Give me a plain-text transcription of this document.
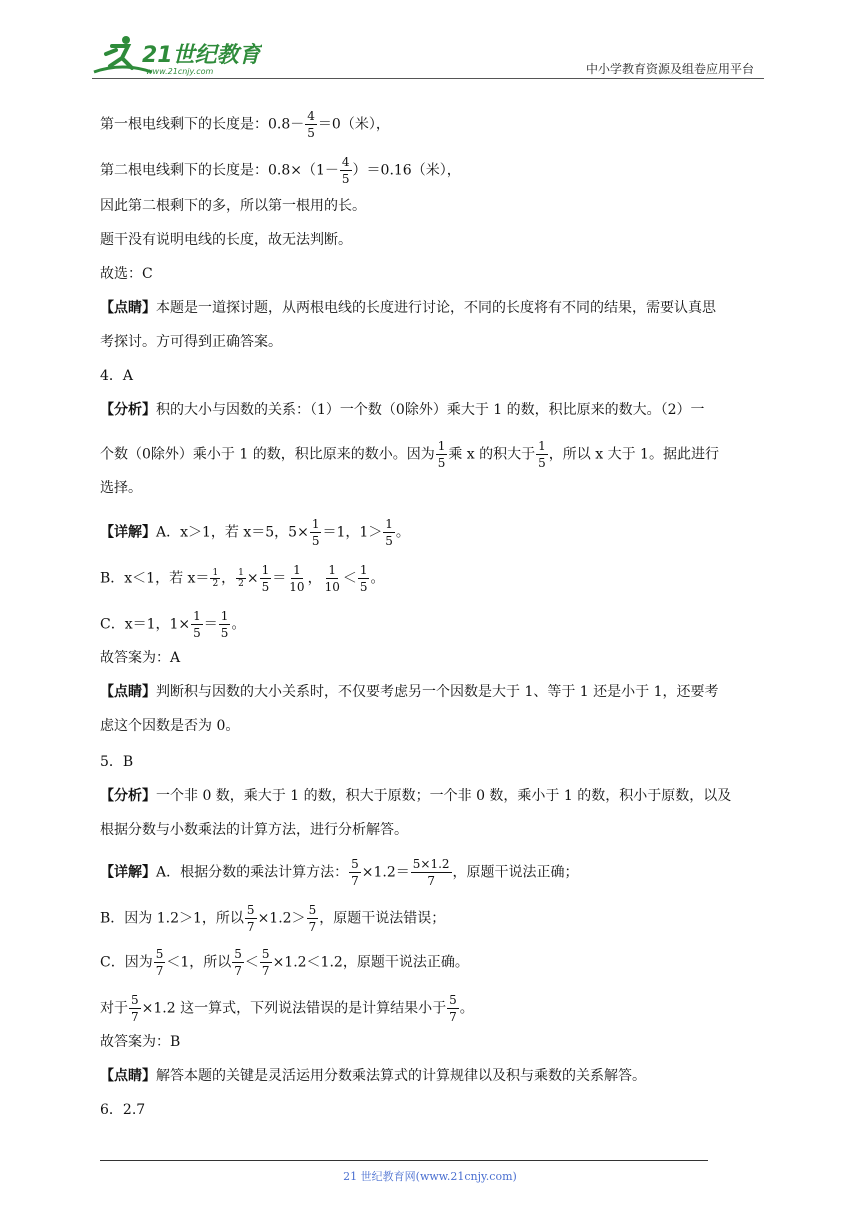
21世纪教育
www.21cnjy.com	中小学教育资源及组卷应用平台
第一根电线剩下的长度是：$0.8- \frac{4}{5} =0$（米），
第二根电线剩下的长度是：$0.8\times(1- \frac{4}{5} )=0.16$（米），
因此第二根剩下的多，所以第一根用的长。
题干没有说明电线的长度，故无法判断。
故选：C
【点睛】本题是一道探讨题，从两根电线的长度进行讨论，不同的长度将有不同的结果，需要认真思
考探讨。方可得到正确答案。
4．A
【分析】积的大小与因数的关系：（1）一个数（0除外）乘大于 1 的数，积比原来的数大。（2）一
个数（0除外）乘小于 1 的数，积比原来的数小。因为 $\frac{1}{5}$ 乘 x 的积大于 $\frac{1}{5}$ ，所以 x 大于 1。据此进行
选择。
【详解】A．x＞1，若 x＝5，$5\times \frac{1}{5} =1$，$1> \frac{1}{5}$ 。
B．x＜1，若 $x= \frac{1}{2}$ ， $\frac{1}{2} \times \frac{1}{5} = \frac{1}{10}$ ， $\frac{1}{10} < \frac{1}{5}$ 。
C．x＝1，$1\times \frac{1}{5} = \frac{1}{5}$ 。
故答案为：A
【点睛】判断积与因数的大小关系时，不仅要考虑另一个因数是大于 1、等于 1 还是小于 1，还要考
虑这个因数是否为 0。
5．B
【分析】一个非 0 数，乘大于 1 的数，积大于原数；一个非 0 数，乘小于 1 的数，积小于原数，以及
根据分数与小数乘法的计算方法，进行分析解答。
【详解】A．根据分数的乘法计算方法： $\frac{5}{7} \times 1.2= \frac{5\times 1.2}{7}$ ，原题干说法正确；
B．因为 1.2＞1，所以 $\frac{5}{7} \times 1.2> \frac{5}{7}$ ，原题干说法错误；
C．因为 $\frac{5}{7} <1$，所以 $\frac{5}{7} < \frac{5}{7} \times 1.2<1.2$，原题干说法正确。
对于 $\frac{5}{7} \times 1.2$ 这一算式，下列说法错误的是计算结果小于 $\frac{5}{7}$ 。
故答案为：B
【点睛】解答本题的关键是灵活运用分数乘法算式的计算规律以及积与乘数的关系解答。
6．2.7
21 世纪教育网(www.21cnjy.com)
